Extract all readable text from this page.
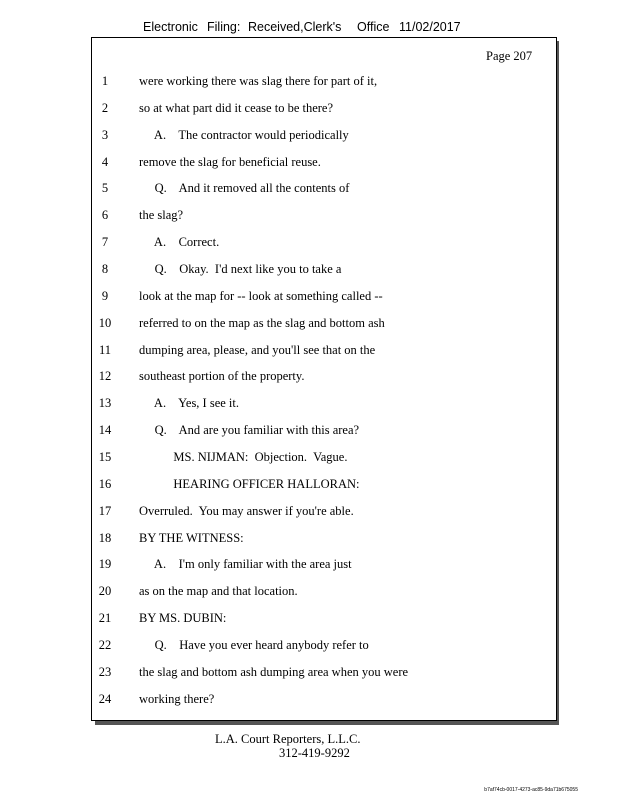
Electronic Filing: Received,Clerk's Office 11/02/2017
Page 207
1	were working there was slag there for part of it,
2	so at what part did it cease to be there?
3	A.    The contractor would periodically
4	remove the slag for beneficial reuse.
5	Q.    And it removed all the contents of
6	the slag?
7	A.    Correct.
8	Q.    Okay.  I'd next like you to take a
9	look at the map for -- look at something called --
10	referred to on the map as the slag and bottom ash
11	dumping area, please, and you'll see that on the
12	southeast portion of the property.
13	A.    Yes, I see it.
14	Q.    And are you familiar with this area?
15	MS. NIJMAN:  Objection.  Vague.
16	HEARING OFFICER HALLORAN:
17	Overruled.  You may answer if you're able.
18	BY THE WITNESS:
19	A.    I'm only familiar with the area just
20	as on the map and that location.
21	BY MS. DUBIN:
22	Q.    Have you ever heard anybody refer to
23	the slag and bottom ash dumping area when you were
24	working there?
L.A. Court Reporters, L.L.C.
312-419-9292
b7af74cb-0017-4273-ac85-9da71b675055
